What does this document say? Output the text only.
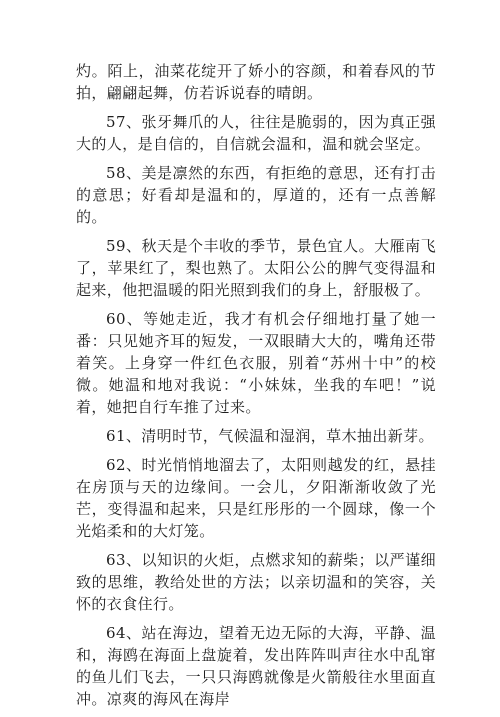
灼。陌上，油菜花绽开了娇小的容颜，和着春风的节拍，翩翩起舞，仿若诉说春的晴朗。

57、张牙舞爪的人，往往是脆弱的，因为真正强大的人，是自信的，自信就会温和，温和就会坚定。

58、美是凛然的东西，有拒绝的意思，还有打击的意思；好看却是温和的，厚道的，还有一点善解的。

59、秋天是个丰收的季节，景色宜人。大雁南飞了，苹果红了，梨也熟了。太阳公公的脾气变得温和起来，他把温暖的阳光照到我们的身上，舒服极了。

60、等她走近，我才有机会仔细地打量了她一番：只见她齐耳的短发，一双眼睛大大的，嘴角还带着笑。上身穿一件红色衣服，别着“苏州十中”的校微。她温和地对我说：“小妹妹，坐我的车吧！”说着，她把自行车推了过来。

61、清明时节，气候温和湿润，草木抽出新芽。

62、时光悄悄地溜去了，太阳则越发的红，悬挂在房顶与天的边缘间。一会儿，夕阳渐渐收敛了光芒，变得温和起来，只是红彤彤的一个圆球，像一个光焰柔和的大灯笼。

63、以知识的火炬，点燃求知的薪柴；以严谨细致的思维，教给处世的方法；以亲切温和的笑容，关怀的衣食住行。

64、站在海边，望着无边无际的大海，平静、温和，海鸥在海面上盘旋着，发出阵阵叫声往水中乱窜的鱼儿们飞去，一只只海鸥就像是火箭般往水里面直冲。凉爽的海风在海岸
